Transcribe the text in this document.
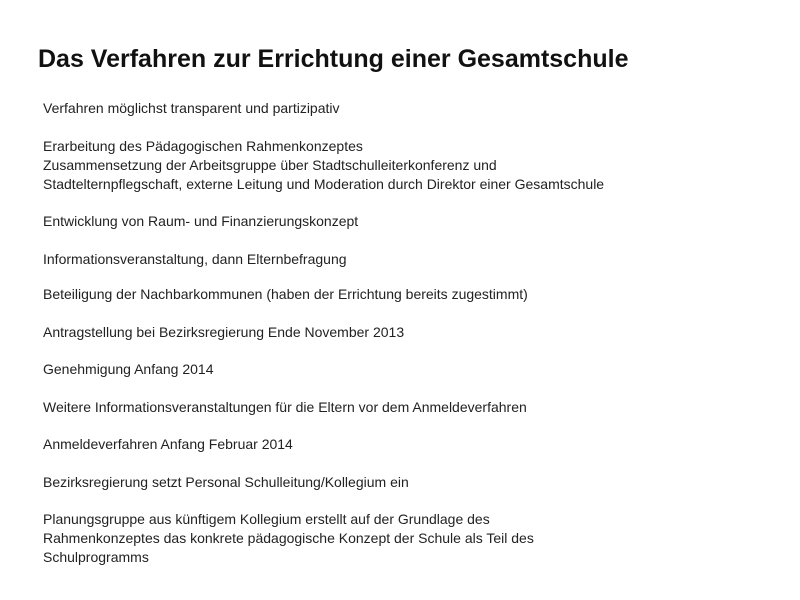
Das Verfahren zur Errichtung einer Gesamtschule

Verfahren möglichst transparent und partizipativ

Erarbeitung des Pädagogischen Rahmenkonzeptes
Zusammensetzung der Arbeitsgruppe über Stadtschulleiterkonferenz und
Stadtelternpflegschaft, externe Leitung und Moderation durch Direktor einer Gesamtschule

Entwicklung von Raum- und Finanzierungskonzept

Informationsveranstaltung, dann Elternbefragung

Beteiligung der Nachbarkommunen (haben der Errichtung bereits zugestimmt)

Antragstellung bei Bezirksregierung Ende November 2013

Genehmigung Anfang 2014

Weitere Informationsveranstaltungen für die Eltern vor dem Anmeldeverfahren

Anmeldeverfahren Anfang Februar 2014

Bezirksregierung setzt Personal Schulleitung/Kollegium ein

Planungsgruppe aus künftigem Kollegium erstellt auf der Grundlage des
Rahmenkonzeptes das konkrete pädagogische Konzept der Schule als Teil des
Schulprogramms
